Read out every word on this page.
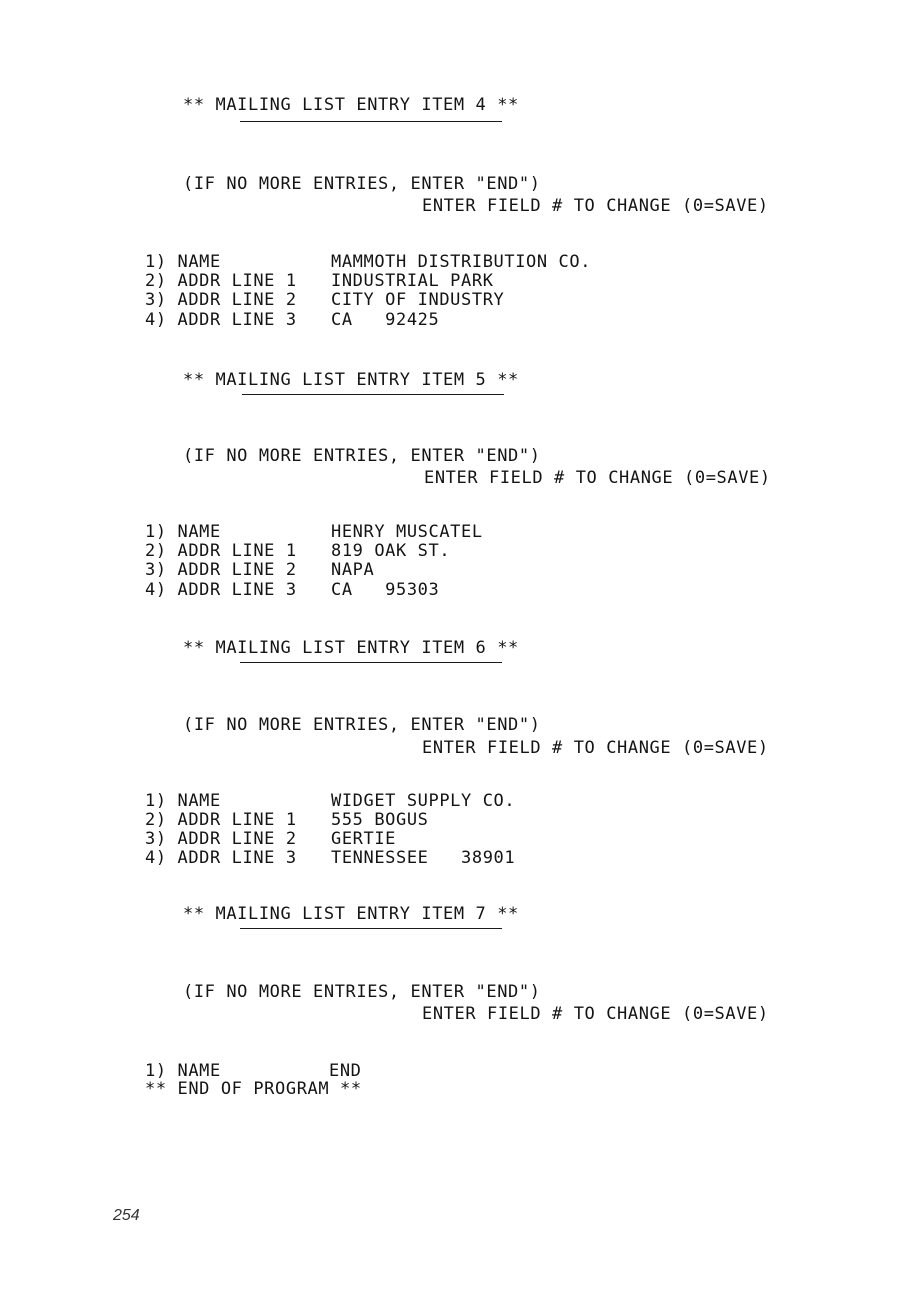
** MAILING LIST ENTRY ITEM 4 **
(IF NO MORE ENTRIES, ENTER "END")
ENTER FIELD # TO CHANGE (0=SAVE)
1) NAME	MAMMOTH DISTRIBUTION CO.
2) ADDR LINE 1 INDUSTRIAL PARK
3) ADDR LINE 2 CITY OF INDUSTRY
4) ADDR LINE 3 CA   92425
** MAILING LIST ENTRY ITEM 5 **
(IF NO MORE ENTRIES, ENTER "END")
ENTER FIELD # TO CHANGE (0=SAVE)
1) NAME	HENRY MUSCATEL
2) ADDR LINE 1 819 OAK ST.
3) ADDR LINE 2 NAPA
4) ADDR LINE 3 CA   95303
** MAILING LIST ENTRY ITEM 6 **
(IF NO MORE ENTRIES, ENTER "END")
ENTER FIELD # TO CHANGE (0=SAVE)
1) NAME	WIDGET SUPPLY CO.
2) ADDR LINE 1 555 BOGUS
3) ADDR LINE 2 GERTIE
4) ADDR LINE 3 TENNESSEE   38901
** MAILING LIST ENTRY ITEM 7 **
(IF NO MORE ENTRIES, ENTER "END")
ENTER FIELD # TO CHANGE (0=SAVE)
1) NAME	END
** END OF PROGRAM **
254
